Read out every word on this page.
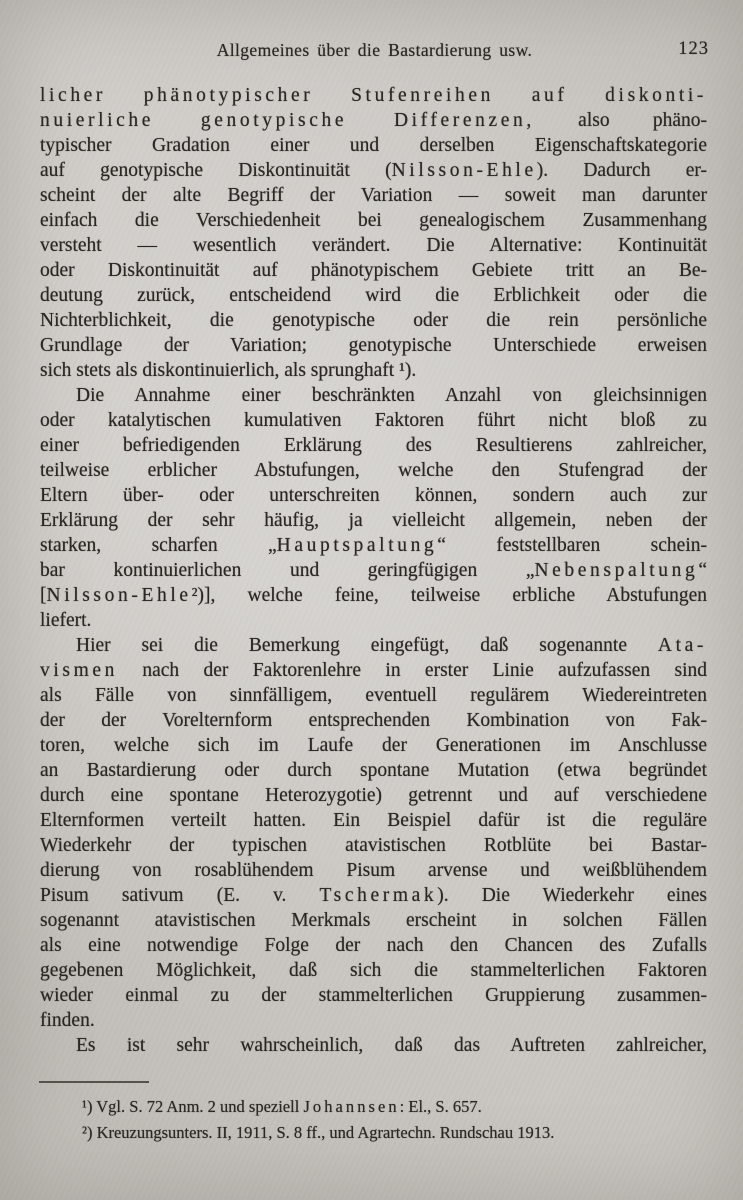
Allgemeines über die Bastardierung usw.	123
licher phänotypischer Stufenreihen auf diskonti-
nuierliche genotypische Differenzen, also phäno-
typischer Gradation einer und derselben Eigenschaftskategorie
auf genotypische Diskontinuität (Nilsson-Ehle). Dadurch er-
scheint der alte Begriff der Variation — soweit man darunter
einfach die Verschiedenheit bei genealogischem Zusammenhang
versteht — wesentlich verändert. Die Alternative: Kontinuität
oder Diskontinuität auf phänotypischem Gebiete tritt an Be-
deutung zurück, entscheidend wird die Erblichkeit oder die
Nichterblichkeit, die genotypische oder die rein persönliche
Grundlage der Variation; genotypische Unterschiede erweisen
sich stets als diskontinuierlich, als sprunghaft ¹).
Die Annahme einer beschränkten Anzahl von gleichsinnigen
oder katalytischen kumulativen Faktoren führt nicht bloß zu
einer befriedigenden Erklärung des Resultierens zahlreicher,
teilweise erblicher Abstufungen, welche den Stufengrad der
Eltern über- oder unterschreiten können, sondern auch zur
Erklärung der sehr häufig, ja vielleicht allgemein, neben der
starken, scharfen „Hauptspaltung“ feststellbaren schein-
bar kontinuierlichen und geringfügigen „Nebenspaltung“
[Nilsson-Ehle²)], welche feine, teilweise erbliche Abstufungen
liefert.
Hier sei die Bemerkung eingefügt, daß sogenannte Ata-
vismen nach der Faktorenlehre in erster Linie aufzufassen sind
als Fälle von sinnfälligem, eventuell regulärem Wiedereintreten
der der Vorelternform entsprechenden Kombination von Fak-
toren, welche sich im Laufe der Generationen im Anschlusse
an Bastardierung oder durch spontane Mutation (etwa begründet
durch eine spontane Heterozygotie) getrennt und auf verschiedene
Elternformen verteilt hatten. Ein Beispiel dafür ist die reguläre
Wiederkehr der typischen atavistischen Rotblüte bei Bastar-
dierung von rosablühendem Pisum arvense und weißblühendem
Pisum sativum (E. v. Tschermak). Die Wiederkehr eines
sogenannt atavistischen Merkmals erscheint in solchen Fällen
als eine notwendige Folge der nach den Chancen des Zufalls
gegebenen Möglichkeit, daß sich die stammelterlichen Faktoren
wieder einmal zu der stammelterlichen Gruppierung zusammen-
finden.
Es ist sehr wahrscheinlich, daß das Auftreten zahlreicher,
¹) Vgl. S. 72 Anm. 2 und speziell Johannsen: El., S. 657.
²) Kreuzungsunters. II, 1911, S. 8 ff., und Agrartechn. Rundschau 1913.
